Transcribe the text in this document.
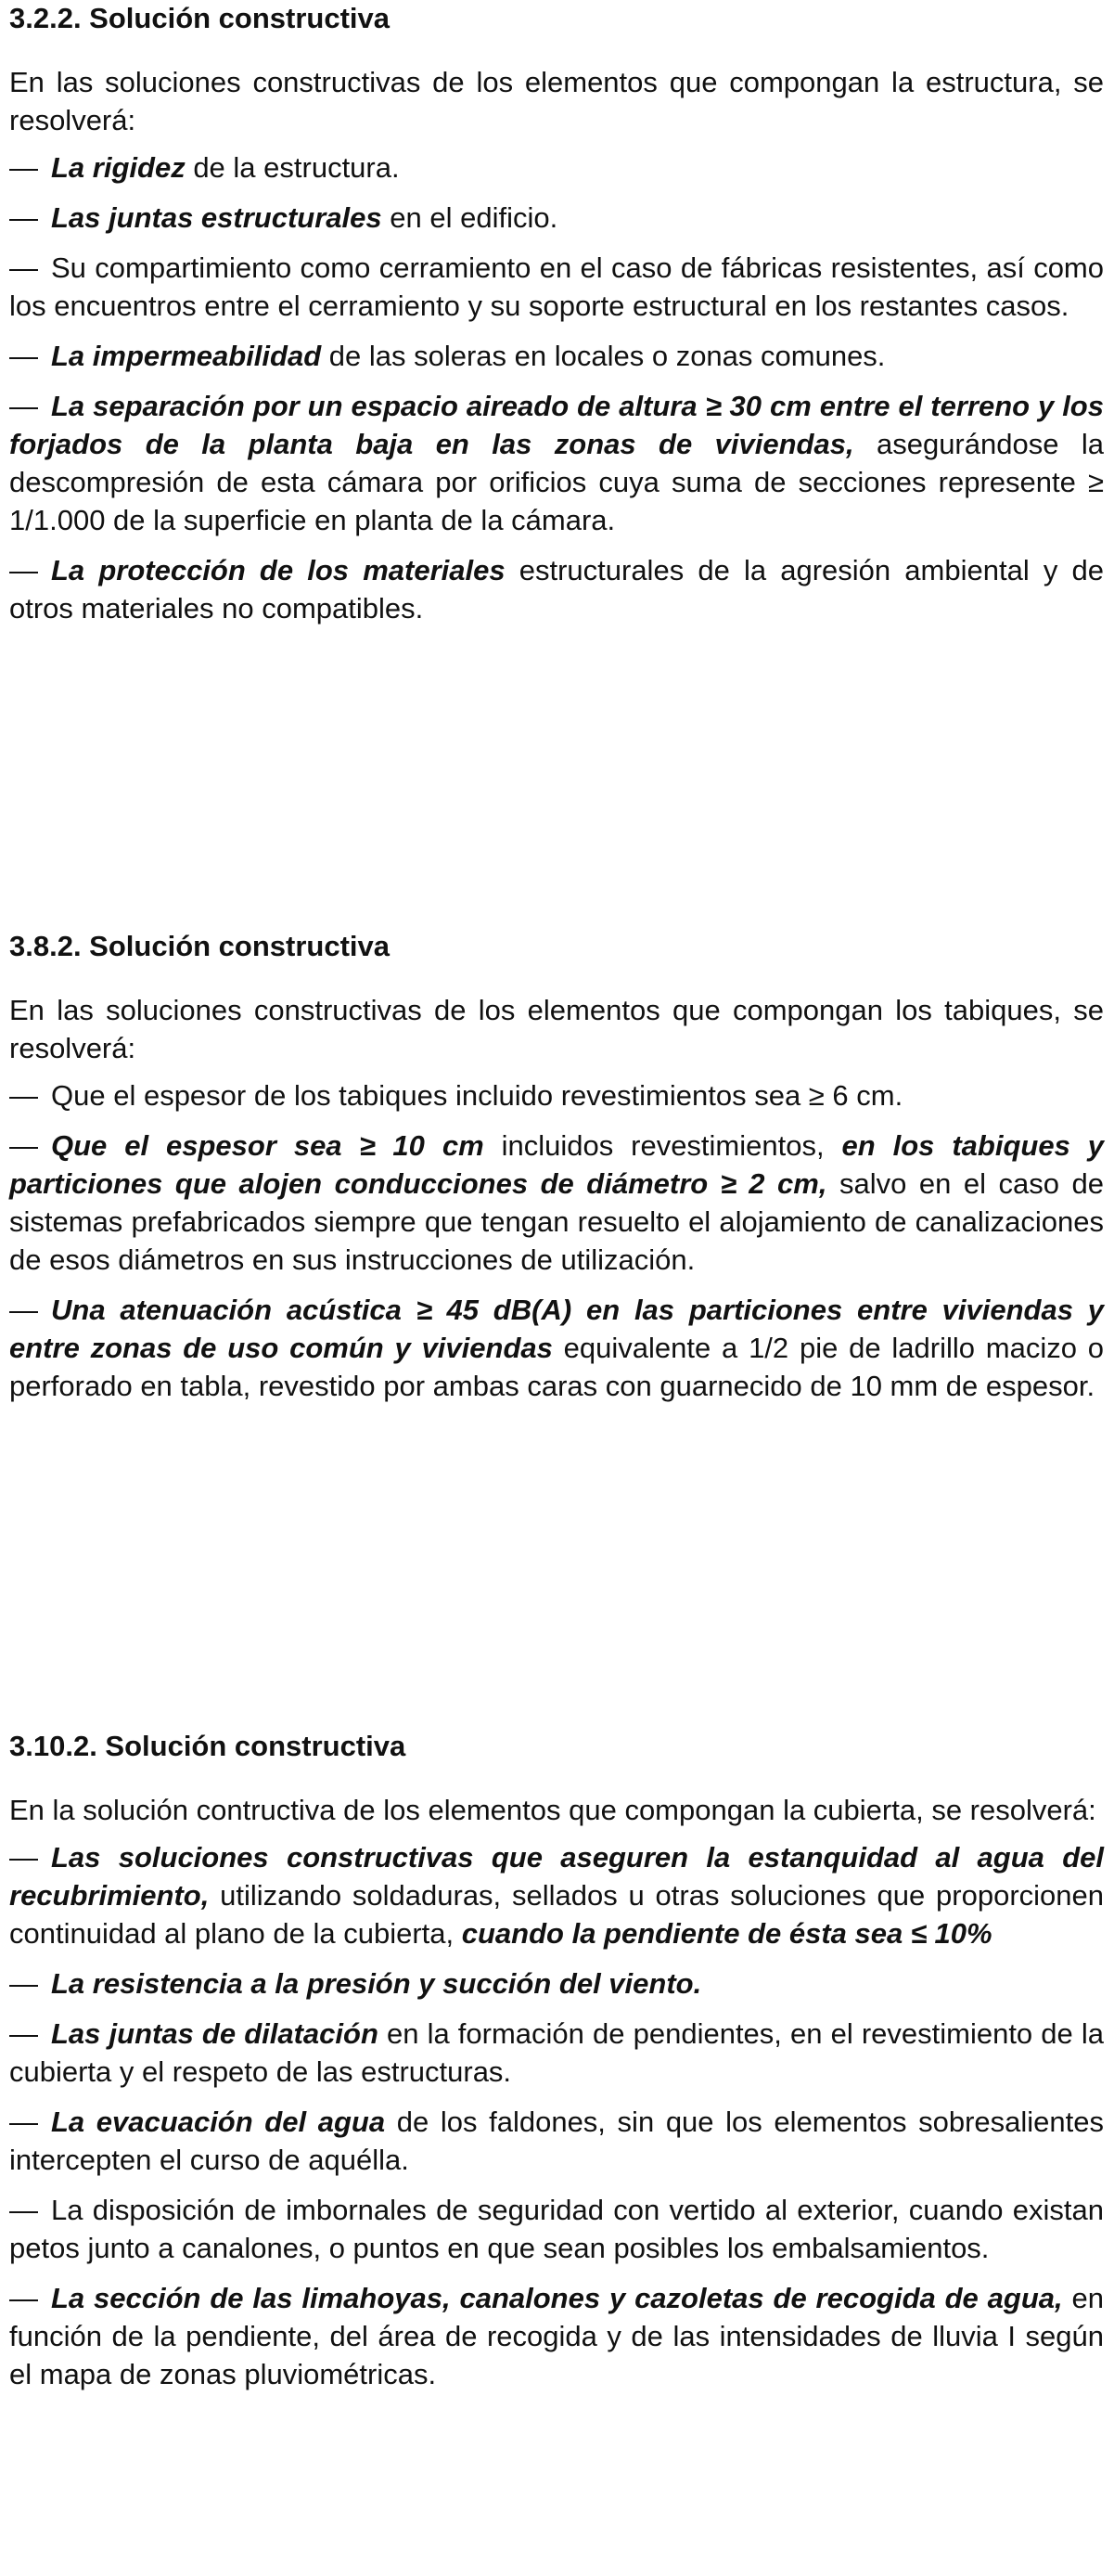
3.2.2. Solución constructiva
En las soluciones constructivas de los elementos que compongan la estructura, se resolverá:
— La rigidez de la estructura.
— Las juntas estructurales en el edificio.
— Su compartimiento como cerramiento en el caso de fábricas resistentes, así como los encuentros entre el cerramiento y su soporte estructural en los restantes casos.
— La impermeabilidad de las soleras en locales o zonas comunes.
— La separación por un espacio aireado de altura ≥ 30 cm entre el terreno y los forjados de la planta baja en las zonas de viviendas, asegurándose la descompresión de esta cámara por orificios cuya suma de secciones represente ≥ 1/1.000 de la superficie en planta de la cámara.
— La protección de los materiales estructurales de la agresión ambiental y de otros materiales no compatibles.
3.8.2. Solución constructiva
En las soluciones constructivas de los elementos que compongan los tabiques, se resolverá:
— Que el espesor de los tabiques incluido revestimientos sea ≥ 6 cm.
— Que el espesor sea ≥ 10 cm incluidos revestimientos, en los tabiques y particiones que alojen conducciones de diámetro ≥ 2 cm, salvo en el caso de sistemas prefabricados siempre que tengan resuelto el alojamiento de canalizaciones de esos diámetros en sus instrucciones de utilización.
— Una atenuación acústica ≥ 45 dB(A) en las particiones entre viviendas y entre zonas de uso común y viviendas equivalente a 1/2 pie de ladrillo macizo o perforado en tabla, revestido por ambas caras con guarnecido de 10 mm de espesor.
3.10.2. Solución constructiva
En la solución contructiva de los elementos que compongan la cubierta, se resolverá:
— Las soluciones constructivas que aseguren la estanquidad al agua del recubrimiento, utilizando soldaduras, sellados u otras soluciones que proporcionen continuidad al plano de la cubierta, cuando la pendiente de ésta sea ≤ 10%
— La resistencia a la presión y succión del viento.
— Las juntas de dilatación en la formación de pendientes, en el revestimiento de la cubierta y el respeto de las estructuras.
— La evacuación del agua de los faldones, sin que los elementos sobresalientes intercepten el curso de aquélla.
— La disposición de imbornales de seguridad con vertido al exterior, cuando existan petos junto a canalones, o puntos en que sean posibles los embalsamientos.
— La sección de las limahoyas, canalones y cazoletas de recogida de agua, en función de la pendiente, del área de recogida y de las intensidades de lluvia I según el mapa de zonas pluviométricas.
